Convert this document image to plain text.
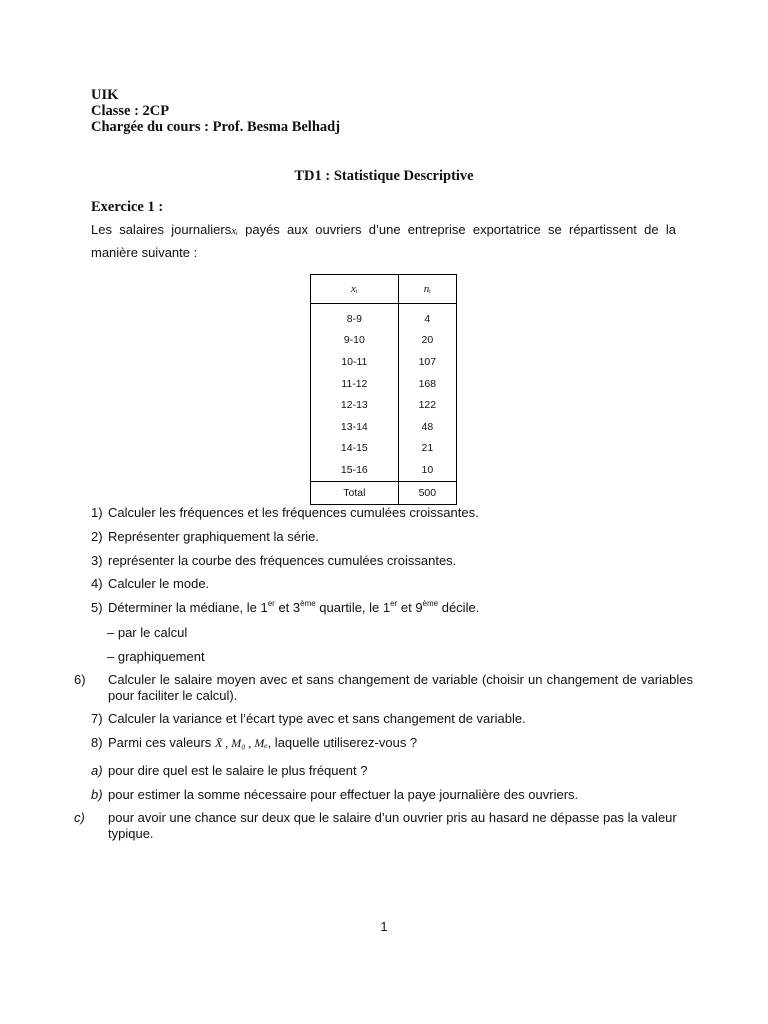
UIK
Classe : 2CP
Chargée du cours : Prof. Besma Belhadj
TD1 : Statistique Descriptive
Exercice 1 :
Les salaires journaliersxᵢ payés aux ouvriers d’une entreprise exportatrice se répartissent de la manière suivante :
xᵢ	nᵢ
8-9	4
9-10	20
10-11	107
11-12	168
12-13	122
13-14	48
14-15	21
15-16	10
Total	500
1) Calculer les fréquences et les fréquences cumulées croissantes.
2) Représenter graphiquement la série.
3) représenter la courbe des fréquences cumulées croissantes.
4) Calculer le mode.
5) Déterminer la médiane, le 1er et 3ème quartile, le 1er et 9ème décile.
– par le calcul
– graphiquement
6) Calculer le salaire moyen avec et sans changement de variable (choisir un changement de variables pour faciliter le calcul).
7) Calculer la variance et l’écart type avec et sans changement de variable.
8) Parmi ces valeurs X̄ , M₀ , Mₑ, laquelle utiliserez-vous ?
a) pour dire quel est le salaire le plus fréquent ?
b) pour estimer la somme nécessaire pour effectuer la paye journalière des ouvriers.
c) pour avoir une chance sur deux que le salaire d’un ouvrier pris au hasard ne dépasse pas la valeur typique.
1
